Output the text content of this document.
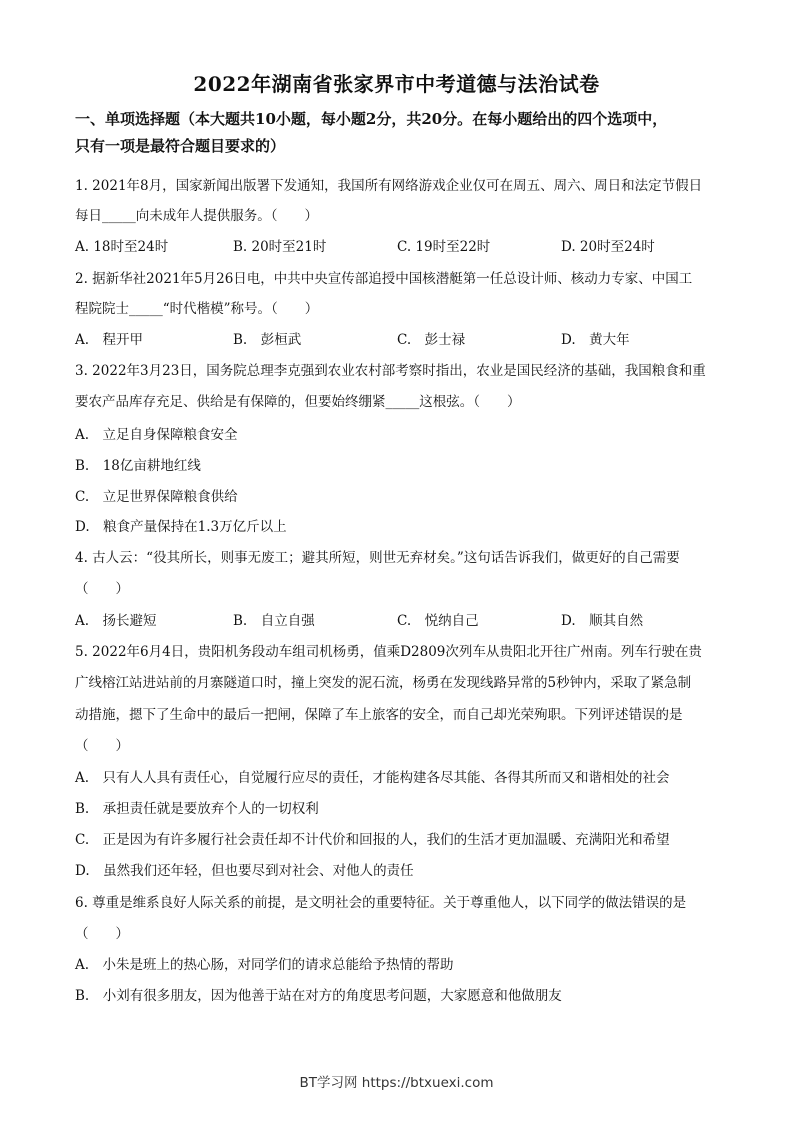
2022年湖南省张家界市中考道德与法治试卷
一、单项选择题（本大题共10小题，每小题2分，共20分。在每小题给出的四个选项中，
只有一项是最符合题目要求的）
1. 2021年8月，国家新闻出版署下发通知，我国所有网络游戏企业仅可在周五、周六、周日和法定节假日
每日_____向未成年人提供服务。（　　）
A. 18时至24时	B. 20时至21时	C. 19时至22时	D. 20时至24时
2. 据新华社2021年5月26日电，中共中央宣传部追授中国核潜艇第一任总设计师、核动力专家、中国工
程院院士_____“时代楷模”称号。（　　）
A.　程开甲	B.　彭桓武	C.　彭士禄	D.　黄大年
3. 2022年3月23日，国务院总理李克强到农业农村部考察时指出，农业是国民经济的基础，我国粮食和重
要农产品库存充足、供给是有保障的，但要始终绷紧_____这根弦。（　　）
A.　立足自身保障粮食安全
B.　18亿亩耕地红线
C.　立足世界保障粮食供给
D.　粮食产量保持在1.3万亿斤以上
4. 古人云：“役其所长，则事无废工；避其所短，则世无弃材矣。”这句话告诉我们，做更好的自己需要
（　　）
A.　扬长避短	B.　自立自强	C.　悦纳自己	D.　顺其自然
5. 2022年6月4日，贵阳机务段动车组司机杨勇，值乘D2809次列车从贵阳北开往广州南。列车行驶在贵
广线榕江站进站前的月寨隧道口时，撞上突发的泥石流，杨勇在发现线路异常的5秒钟内，采取了紧急制
动措施，摁下了生命中的最后一把闸，保障了车上旅客的安全，而自己却光荣殉职。下列评述错误的是
（　　）
A.　只有人人具有责任心，自觉履行应尽的责任，才能构建各尽其能、各得其所而又和谐相处的社会
B.　承担责任就是要放弃个人的一切权利
C.　正是因为有许多履行社会责任却不计代价和回报的人，我们的生活才更加温暖、充满阳光和希望
D.　虽然我们还年轻，但也要尽到对社会、对他人的责任
6. 尊重是维系良好人际关系的前提，是文明社会的重要特征。关于尊重他人，以下同学的做法错误的是
（　　）
A.　小朱是班上的热心肠，对同学们的请求总能给予热情的帮助
B.　小刘有很多朋友，因为他善于站在对方的角度思考问题，大家愿意和他做朋友
BT学习网 https://btxuexi.com
